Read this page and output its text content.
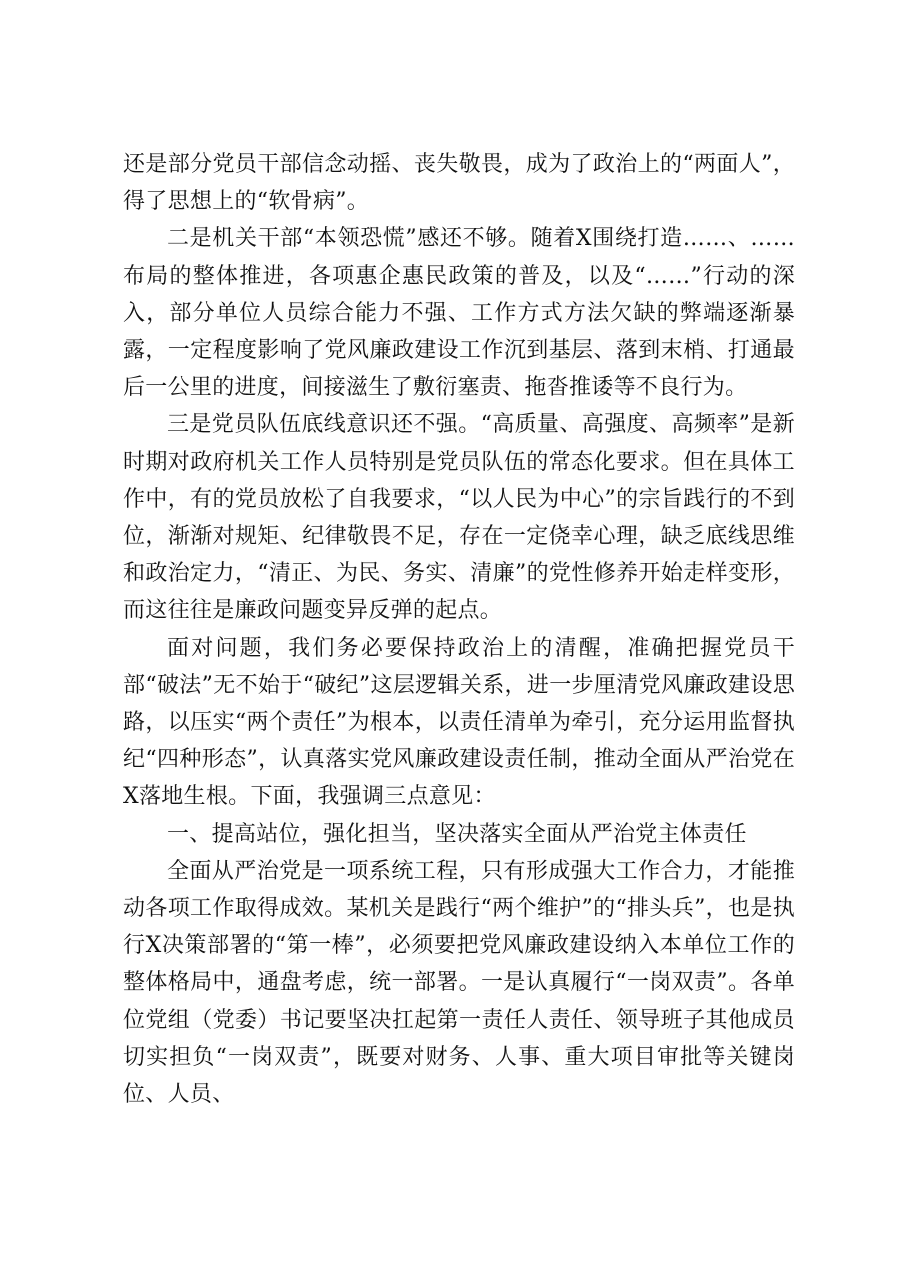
还是部分党员干部信念动摇、丧失敬畏，成为了政治上的“两面人”，得了思想上的“软骨病”。

二是机关干部“本领恐慌”感还不够。随着X围绕打造……、……布局的整体推进，各项惠企惠民政策的普及，以及“……”行动的深入，部分单位人员综合能力不强、工作方式方法欠缺的弊端逐渐暴露，一定程度影响了党风廉政建设工作沉到基层、落到末梢、打通最后一公里的进度，间接滋生了敷衍塞责、拖沓推诿等不良行为。

三是党员队伍底线意识还不强。“高质量、高强度、高频率”是新时期对政府机关工作人员特别是党员队伍的常态化要求。但在具体工作中，有的党员放松了自我要求，“以人民为中心”的宗旨践行的不到位，渐渐对规矩、纪律敬畏不足，存在一定侥幸心理，缺乏底线思维和政治定力，“清正、为民、务实、清廉”的党性修养开始走样变形，而这往往是廉政问题变异反弹的起点。

面对问题，我们务必要保持政治上的清醒，准确把握党员干部“破法”无不始于“破纪”这层逻辑关系，进一步厘清党风廉政建设思路，以压实“两个责任”为根本，以责任清单为牵引，充分运用监督执纪“四种形态”，认真落实党风廉政建设责任制，推动全面从严治党在X落地生根。下面，我强调三点意见：

一、提高站位，强化担当，坚决落实全面从严治党主体责任

全面从严治党是一项系统工程，只有形成强大工作合力，才能推动各项工作取得成效。某机关是践行“两个维护”的“排头兵”，也是执行X决策部署的“第一棒”，必须要把党风廉政建设纳入本单位工作的整体格局中，通盘考虑，统一部署。一是认真履行“一岗双责”。各单位党组（党委）书记要坚决扛起第一责任人责任、领导班子其他成员切实担负“一岗双责”，既要对财务、人事、重大项目审批等关键岗位、人员、
